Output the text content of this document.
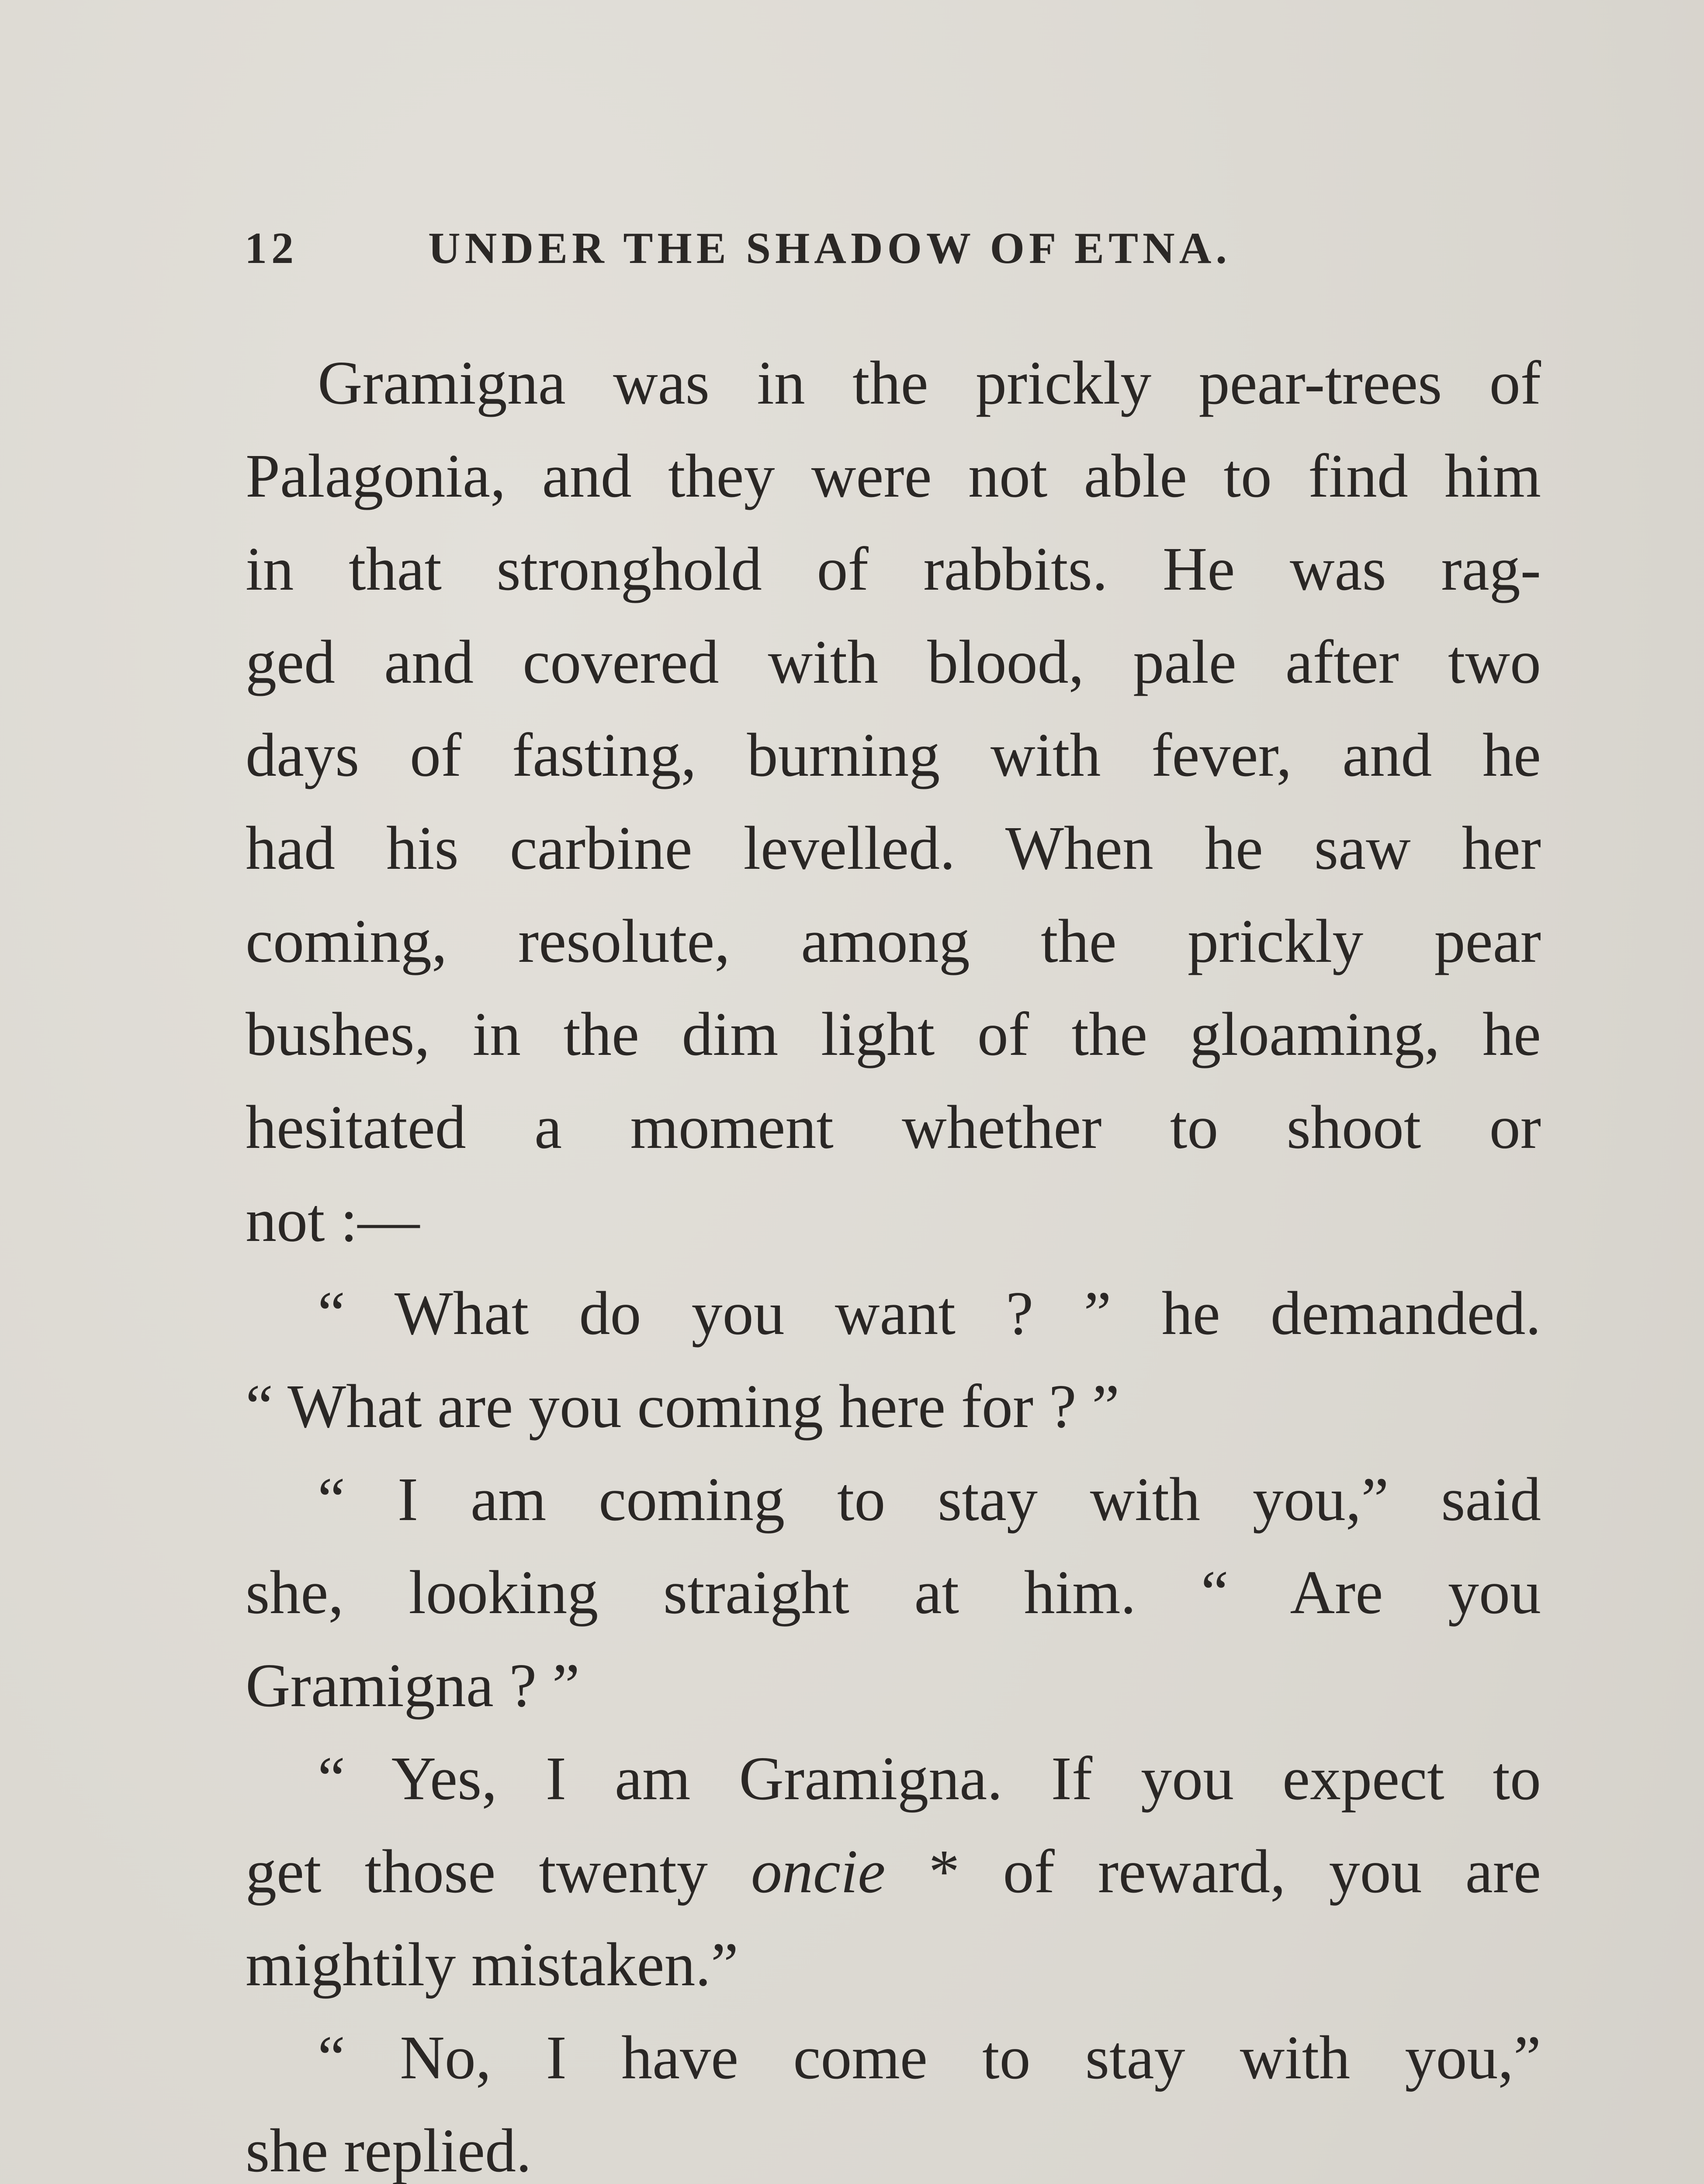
12	UNDER THE SHADOW OF ETNA.
Gramigna was in the prickly pear-trees of
Palagonia, and they were not able to find him
in that stronghold of rabbits. He was rag-
ged and covered with blood, pale after two
days of fasting, burning with fever, and he
had his carbine levelled. When he saw her
coming, resolute, among the prickly pear
bushes, in the dim light of the gloaming, he
hesitated a moment whether to shoot or
not :—
“ What do you want ? ” he demanded.
“ What are you coming here for ? ”
“ I am coming to stay with you,” said
she, looking straight at him. “ Are you
Gramigna ? ”
“ Yes, I am Gramigna. If you expect to
get those twenty oncie * of reward, you are
mightily mistaken.”
“ No, I have come to stay with you,”
she replied.
